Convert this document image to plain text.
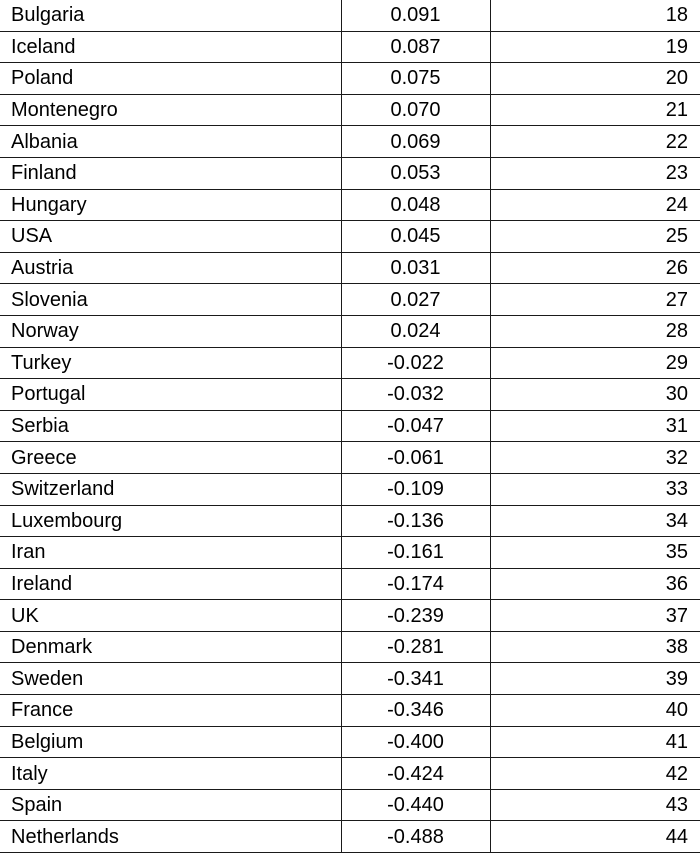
Bulgaria	0.091	18
Iceland	0.087	19
Poland	0.075	20
Montenegro	0.070	21
Albania	0.069	22
Finland	0.053	23
Hungary	0.048	24
USA	0.045	25
Austria	0.031	26
Slovenia	0.027	27
Norway	0.024	28
Turkey	-0.022	29
Portugal	-0.032	30
Serbia	-0.047	31
Greece	-0.061	32
Switzerland	-0.109	33
Luxembourg	-0.136	34
Iran	-0.161	35
Ireland	-0.174	36
UK	-0.239	37
Denmark	-0.281	38
Sweden	-0.341	39
France	-0.346	40
Belgium	-0.400	41
Italy	-0.424	42
Spain	-0.440	43
Netherlands	-0.488	44
